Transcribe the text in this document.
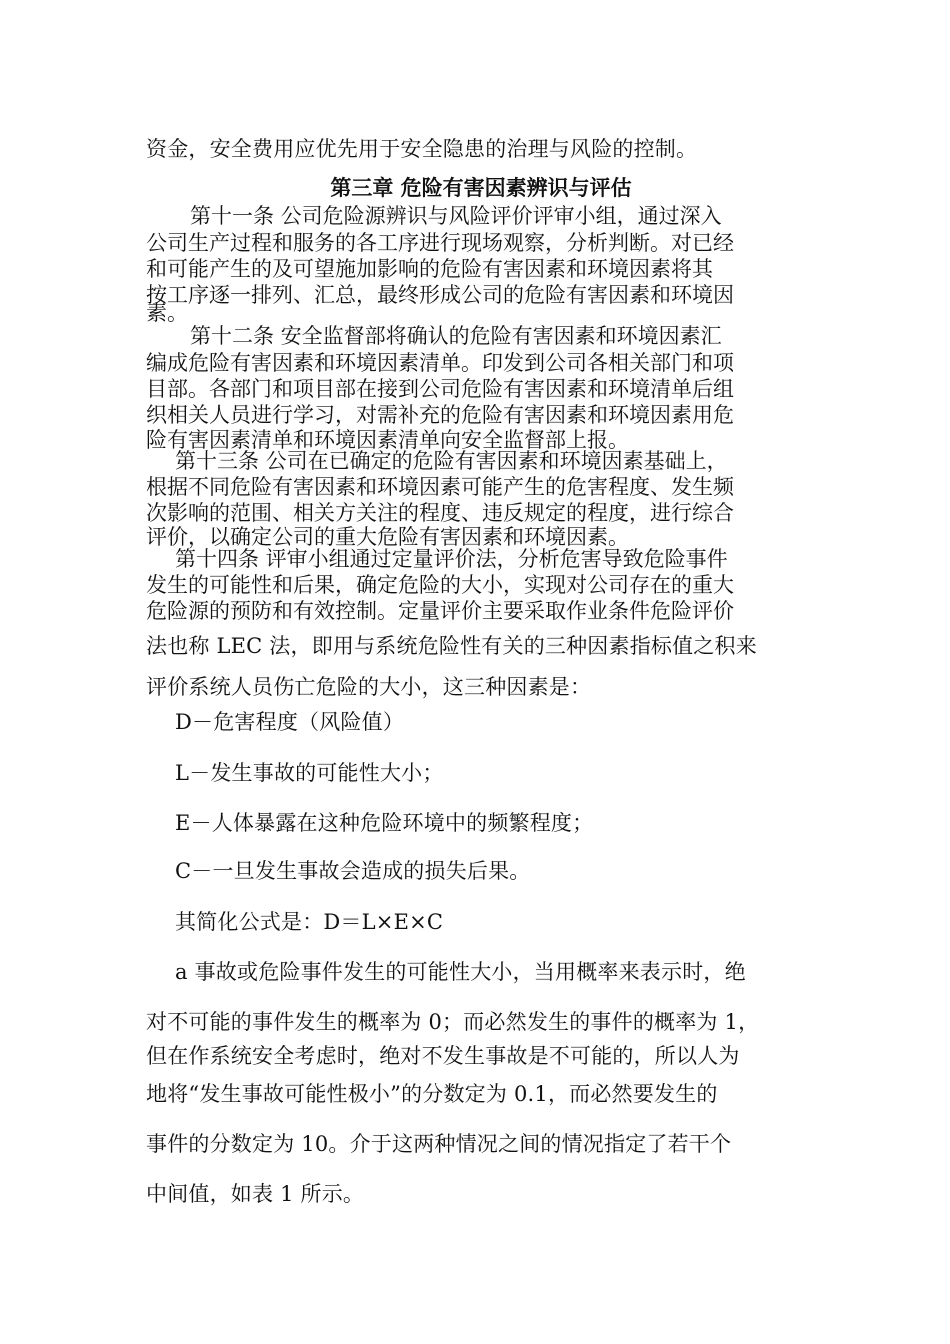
资金，安全费用应优先用于安全隐患的治理与风险的控制。
第三章 危险有害因素辨识与评估
第十一条 公司危险源辨识与风险评价评审小组，通过深入
公司生产过程和服务的各工序进行现场观察，分析判断。对已经
和可能产生的及可望施加影响的危险有害因素和环境因素将其
按工序逐一排列、汇总，最终形成公司的危险有害因素和环境因
素。
第十二条 安全监督部将确认的危险有害因素和环境因素汇
编成危险有害因素和环境因素清单。印发到公司各相关部门和项
目部。各部门和项目部在接到公司危险有害因素和环境清单后组
织相关人员进行学习，对需补充的危险有害因素和环境因素用危
险有害因素清单和环境因素清单向安全监督部上报。
第十三条 公司在已确定的危险有害因素和环境因素基础上，
根据不同危险有害因素和环境因素可能产生的危害程度、发生频
次影响的范围、相关方关注的程度、违反规定的程度，进行综合
评价，以确定公司的重大危险有害因素和环境因素。
第十四条 评审小组通过定量评价法，分析危害导致危险事件
发生的可能性和后果，确定危险的大小，实现对公司存在的重大
危险源的预防和有效控制。定量评价主要采取作业条件危险评价
法也称 LEC 法，即用与系统危险性有关的三种因素指标值之积来
评价系统人员伤亡危险的大小，这三种因素是：
D－危害程度（风险值）
L－发生事故的可能性大小；
E－人体暴露在这种危险环境中的频繁程度；
C－一旦发生事故会造成的损失后果。
其简化公式是：D＝L×E×C
a 事故或危险事件发生的可能性大小，当用概率来表示时，绝
对不可能的事件发生的概率为 0；而必然发生的事件的概率为 1，
但在作系统安全考虑时，绝对不发生事故是不可能的，所以人为
地将“发生事故可能性极小”的分数定为 0.1，而必然要发生的
事件的分数定为 10。介于这两种情况之间的情况指定了若干个
中间值，如表 1 所示。
